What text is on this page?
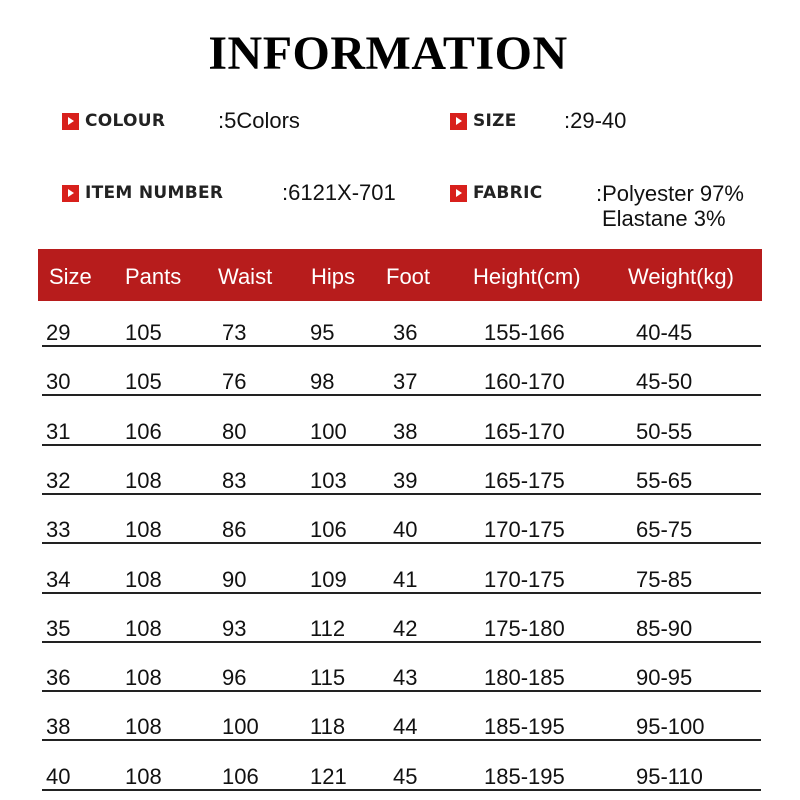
INFORMATION
COLOUR :5Colors	SIZE :29-40
ITEM NUMBER	:6121X-701	FABRIC :Polyester 97%
Elastane 3%
Size Pants Waist Hips Foot Height(cm) Weight(kg)
29 105	73	95	36	155-166	40-45
30 105	76	98	37	160-170	45-50
31 106	80	100 38	165-170	50-55
32 108	83	103 39	165-175	55-65
33 108	86	106 40	170-175	65-75
34 108	90	109 41	170-175	75-85
35 108	93	112 42	175-180	85-90
36 108	96	115 43	180-185	90-95
38 108	100 118 44	185-195	95-100
40 108	106 121 45	185-195	95-110
